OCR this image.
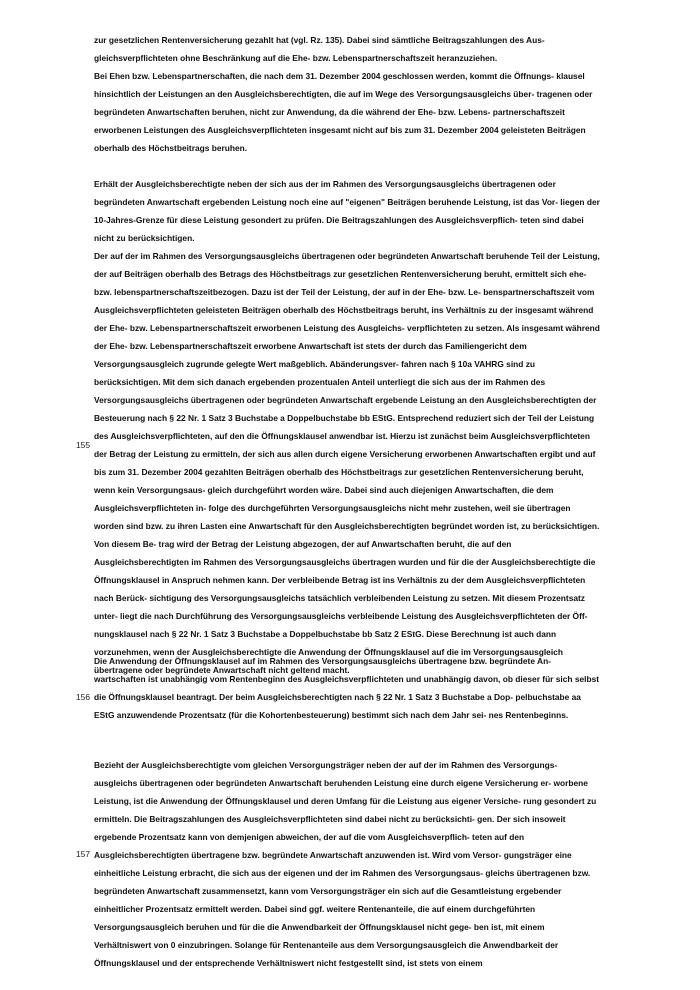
zur gesetzlichen Rentenversicherung gezahlt hat (vgl. Rz. 135). Dabei sind sämtliche Beitragszahlungen des Aus- gleichsverpflichteten ohne Beschränkung auf die Ehe- bzw. Lebenspartnerschaftszeit heranzuziehen.

Bei Ehen bzw. Lebenspartnerschaften, die nach dem 31. Dezember 2004 geschlossen werden, kommt die Öffnungs- klausel hinsichtlich der Leistungen an den Ausgleichsberechtigten, die auf im Wege des Versorgungsausgleichs über- tragenen oder begründeten Anwartschaften beruhen, nicht zur Anwendung, da die während der Ehe- bzw. Lebens- partnerschaftszeit erworbenen Leistungen des Ausgleichsverpflichteten insgesamt nicht auf bis zum 31. Dezember 2004 geleisteten Beiträgen oberhalb des Höchstbeitrags beruhen.

Erhält der Ausgleichsberechtigte neben der sich aus der im Rahmen des Versorgungsausgleichs übertragenen oder begründeten Anwartschaft ergebenden Leistung noch eine auf "eigenen" Beiträgen beruhende Leistung, ist das Vor- liegen der 10-Jahres-Grenze für diese Leistung gesondert zu prüfen. Die Beitragszahlungen des Ausgleichsverpflich- teten sind dabei nicht zu berücksichtigen.

155

Der auf der im Rahmen des Versorgungsausgleichs übertragenen oder begründeten Anwartschaft beruhende Teil der Leistung, der auf Beiträgen oberhalb des Betrags des Höchstbeitrags zur gesetzlichen Rentenversicherung beruht, ermittelt sich ehe- bzw. lebenspartnerschaftszeitbezogen. Dazu ist der Teil der Leistung, der auf in der Ehe- bzw. Le- benspartnerschaftszeit vom Ausgleichsverpflichteten geleisteten Beiträgen oberhalb des Höchstbeitrags beruht, ins Verhältnis zu der insgesamt während der Ehe- bzw. Lebenspartnerschaftszeit erworbenen Leistung des Ausgleichs- verpflichteten zu setzen. Als insgesamt während der Ehe- bzw. Lebenspartnerschaftszeit erworbene Anwartschaft ist stets der durch das Familiengericht dem Versorgungsausgleich zugrunde gelegte Wert maßgeblich. Abänderungsver- fahren nach § 10a VAHRG sind zu berücksichtigen. Mit dem sich danach ergebenden prozentualen Anteil unterliegt die sich aus der im Rahmen des Versorgungsausgleichs übertragenen oder begründeten Anwartschaft ergebende Leistung an den Ausgleichsberechtigten der Besteuerung nach § 22 Nr. 1 Satz 3 Buchstabe a Doppelbuchstabe bb EStG. Entsprechend reduziert sich der Teil der Leistung des Ausgleichsverpflichteten, auf den die Öffnungsklausel anwendbar ist. Hierzu ist zunächst beim Ausgleichsverpflichteten der Betrag der Leistung zu ermitteln, der sich aus allen durch eigene Versicherung erworbenen Anwartschaften ergibt und auf bis zum 31. Dezember 2004 gezahlten Beiträgen oberhalb des Höchstbeitrags zur gesetzlichen Rentenversicherung beruht, wenn kein Versorgungsaus- gleich durchgeführt worden wäre. Dabei sind auch diejenigen Anwartschaften, die dem Ausgleichsverpflichteten in- folge des durchgeführten Versorgungsausgleichs nicht mehr zustehen, weil sie übertragen worden sind bzw. zu ihren Lasten eine Anwartschaft für den Ausgleichsberechtigten begründet worden ist, zu berücksichtigen. Von diesem Be- trag wird der Betrag der Leistung abgezogen, der auf Anwartschaften beruht, die auf den Ausgleichsberechtigten im Rahmen des Versorgungsausgleichs übertragen wurden und für die der Ausgleichsberechtigte die Öffnungsklausel in Anspruch nehmen kann. Der verbleibende Betrag ist ins Verhältnis zu der dem Ausgleichsverpflichteten nach Berück- sichtigung des Versorgungsausgleichs tatsächlich verbleibenden Leistung zu setzen. Mit diesem Prozentsatz unter- liegt die nach Durchführung des Versorgungsausgleichs verbleibende Leistung des Ausgleichsverpflichteten der Öff- nungsklausel nach § 22 Nr. 1 Satz 3 Buchstabe a Doppelbuchstabe bb Satz 2 EStG. Diese Berechnung ist auch dann vorzunehmen, wenn der Ausgleichsberechtigte die Anwendung der Öffnungsklausel auf die im Versorgungsausgleich übertragene oder begründete Anwartschaft nicht geltend macht.

156

Die Anwendung der Öffnungsklausel auf im Rahmen des Versorgungsausgleichs übertragene bzw. begründete An- wartschaften ist unabhängig vom Rentenbeginn des Ausgleichsverpflichteten und unabhängig davon, ob dieser für sich selbst die Öffnungsklausel beantragt. Der beim Ausgleichsberechtigten nach § 22 Nr. 1 Satz 3 Buchstabe a Dop- pelbuchstabe aa EStG anzuwendende Prozentsatz (für die Kohortenbesteuerung) bestimmt sich nach dem Jahr sei- nes Rentenbeginns.

157

Bezieht der Ausgleichsberechtigte vom gleichen Versorgungsträger neben der auf der im Rahmen des Versorgungs- ausgleichs übertragenen oder begründeten Anwartschaft beruhenden Leistung eine durch eigene Versicherung er- worbene Leistung, ist die Anwendung der Öffnungsklausel und deren Umfang für die Leistung aus eigener Versiche- rung gesondert zu ermitteln. Die Beitragszahlungen des Ausgleichsverpflichteten sind dabei nicht zu berücksichti- gen. Der sich insoweit ergebende Prozentsatz kann von demjenigen abweichen, der auf die vom Ausgleichsverpflich- teten auf den Ausgleichsberechtigten übertragene bzw. begründete Anwartschaft anzuwenden ist. Wird vom Versor- gungsträger eine einheitliche Leistung erbracht, die sich aus der eigenen und der im Rahmen des Versorgungsaus- gleichs übertragenen bzw. begründeten Anwartschaft zusammensetzt, kann vom Versorgungsträger ein sich auf die Gesamtleistung ergebender einheitlicher Prozentsatz ermittelt werden. Dabei sind ggf. weitere Rentenanteile, die auf einem durchgeführten Versorgungsausgleich beruhen und für die die Anwendbarkeit der Öffnungsklausel nicht gege- ben ist, mit einem Verhältniswert von 0 einzubringen. Solange für Rentenanteile aus dem Versorgungsausgleich die Anwendbarkeit der Öffnungsklausel und der entsprechende Verhältniswert nicht festgestellt sind, ist stets von einem
